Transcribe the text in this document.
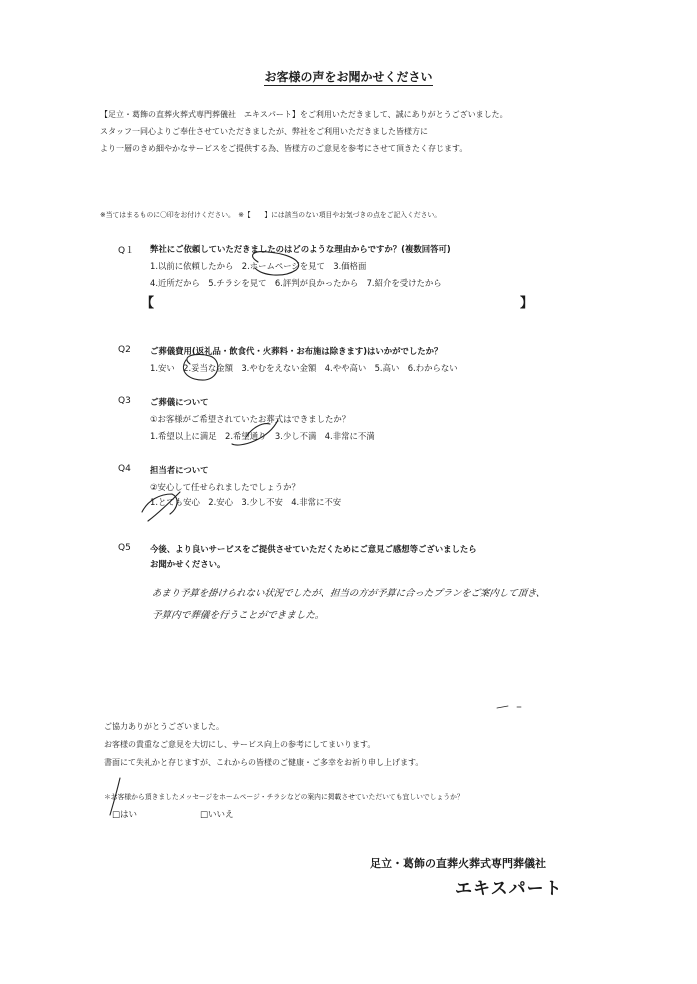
お客様の声をお聞かせください
【足立・葛飾の直葬火葬式専門葬儀社　エキスパート】をご利用いただきまして、誠にありがとうございました。
スタッフ一同心よりご奉仕させていただきましたが、弊社をご利用いただきました皆様方に
より一層のきめ細やかなサービスをご提供する為、皆様方のご意見を参考にさせて頂きたく存じます。
※当てはまるものに〇印をお付けください。　※【　　】には該当のない項目やお気づきの点をご記入ください。
Q１ 弊社にご依頼していただきましたのはどのような理由からですか？(複数回答可)
1.以前に依頼したから　2.ホームページを見て　3.価格面
4.近所だから　5.チラシを見て　6.評判が良かったから　7.紹介を受けたから
【	】
Q2 ご葬儀費用(返礼品・飲食代・火葬料・お布施は除きます)はいかがでしたか？
1.安い　2.妥当な金額　3.やむをえない金額　4.やや高い　5.高い　6.わからない
Q3 ご葬儀について
①お客様がご希望されていたお葬式はできましたか？
1.希望以上に満足　2.希望通り　3.少し不満　4.非常に不満
Q4 担当者について
②安心して任せられましたでしょうか？
1.とても安心　2.安心　3.少し不安　4.非常に不安
Q5 今後、より良いサービスをご提供させていただくためにご意見ご感想等ございましたら
お聞かせください。
あまり予算を掛けられない状況でしたが、担当の方が予算に合ったプランをご案内して頂き、
予算内で葬儀を行うことができました。
ご協力ありがとうございました。
お客様の貴重なご意見を大切にし、サービス向上の参考にしてまいります。
書面にて失礼かと存じますが、これからの皆様のご健康・ご多幸をお祈り申し上げます。
＊お客様から頂きましたメッセージをホームページ・チラシなどの案内に掲載させていただいても宜しいでしょうか？
□はい	□いいえ
足立・葛飾の直葬火葬式専門葬儀社
エキスパート
